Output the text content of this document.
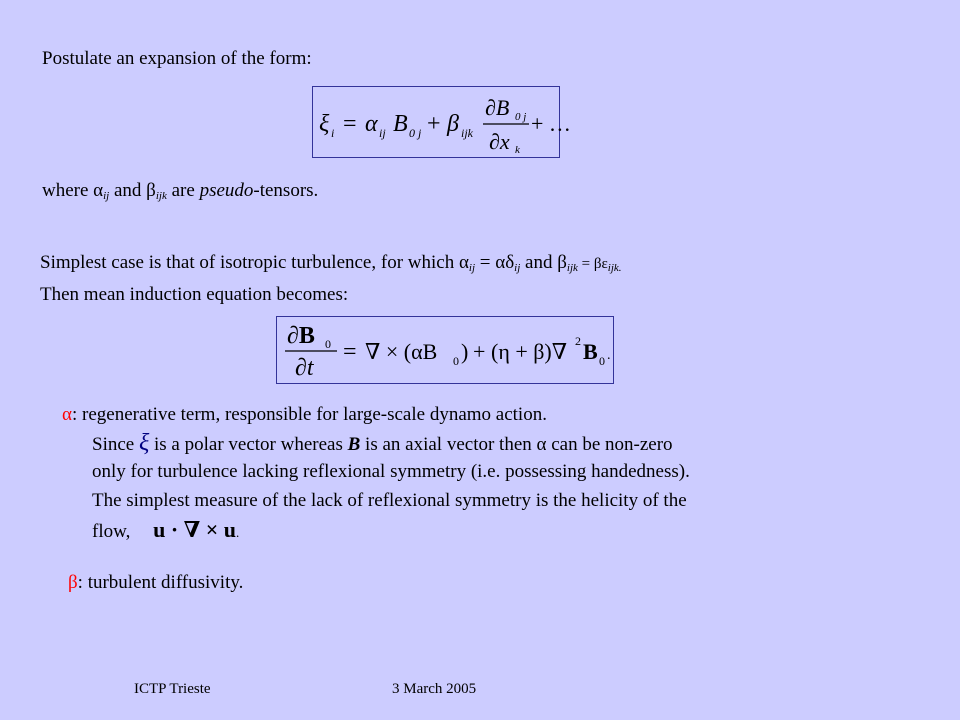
Postulate an expansion of the form:
ξ i = α ij B 0 j + β ijk
∂B 0 j
∂x k
+ …
where $\alpha_{ij}$ and $\beta_{ijk}$ are pseudo-tensors.
Simplest case is that of isotropic turbulence, for which $\alpha_{ij} = \alpha\delta_{ij}$ and $\beta_{ijk} = \beta\varepsilon_{ijk.}$
Then mean induction equation becomes:
∂B 0
∂t
= ∇ × (αB 0 ) + (η + β)∇ 2 B 0 .
α: regenerative term, responsible for large-scale dynamo action.
Since ξ is a polar vector whereas B is an axial vector then α can be non-zero
only for turbulence lacking reflexional symmetry (i.e. possessing handedness).
The simplest measure of the lack of reflexional symmetry is the helicity of the
flow, u · ∇ × u.
β: turbulent diffusivity.
ICTP Trieste	3 March 2005
